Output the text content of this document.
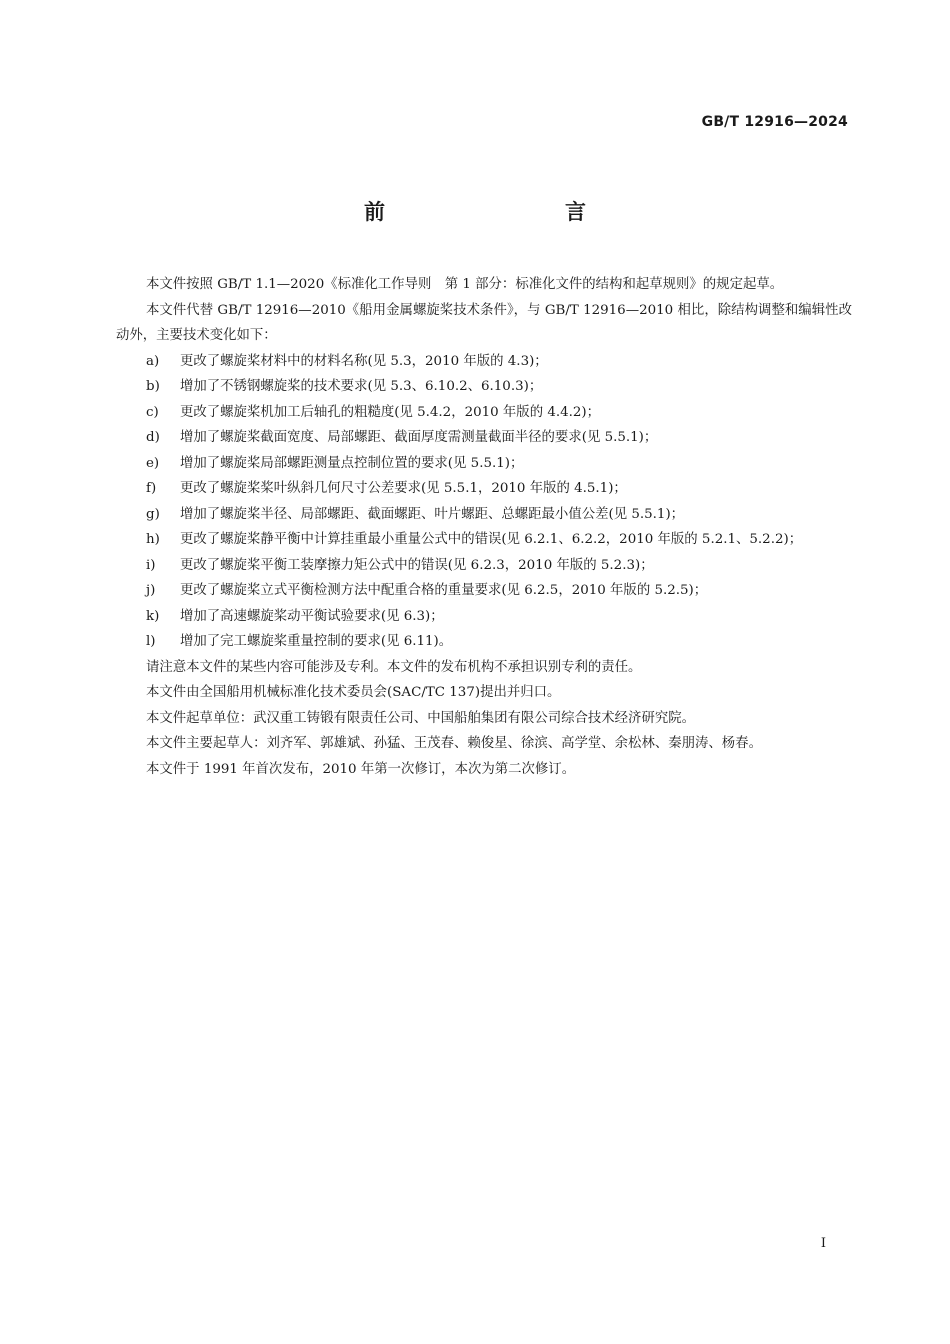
GB/T 12916—2024
前　　言

本文件按照 GB/T 1.1—2020《标准化工作导则　第 1 部分：标准化文件的结构和起草规则》的规定起草。

本文件代替 GB/T 12916—2010《船用金属螺旋桨技术条件》，与 GB/T 12916—2010 相比，除结构调整和编辑性改动外，主要技术变化如下：

a)	更改了螺旋桨材料中的材料名称(见 5.3，2010 年版的 4.3)；
b)	增加了不锈钢螺旋桨的技术要求(见 5.3、6.10.2、6.10.3)；
c)	更改了螺旋桨机加工后轴孔的粗糙度(见 5.4.2，2010 年版的 4.4.2)；
d)	增加了螺旋桨截面宽度、局部螺距、截面厚度需测量截面半径的要求(见 5.5.1)；
e)	增加了螺旋桨局部螺距测量点控制位置的要求(见 5.5.1)；
f)	更改了螺旋桨桨叶纵斜几何尺寸公差要求(见 5.5.1，2010 年版的 4.5.1)；
g)	增加了螺旋桨半径、局部螺距、截面螺距、叶片螺距、总螺距最小值公差(见 5.5.1)；
h)	更改了螺旋桨静平衡中计算挂重最小重量公式中的错误(见 6.2.1、6.2.2，2010 年版的 5.2.1、5.2.2)；
i)	更改了螺旋桨平衡工装摩擦力矩公式中的错误(见 6.2.3，2010 年版的 5.2.3)；
j)	更改了螺旋桨立式平衡检测方法中配重合格的重量要求(见 6.2.5，2010 年版的 5.2.5)；
k)	增加了高速螺旋桨动平衡试验要求(见 6.3)；
l)	增加了完工螺旋桨重量控制的要求(见 6.11)。

请注意本文件的某些内容可能涉及专利。本文件的发布机构不承担识别专利的责任。

本文件由全国船用机械标准化技术委员会(SAC/TC 137)提出并归口。

本文件起草单位：武汉重工铸锻有限责任公司、中国船舶集团有限公司综合技术经济研究院。

本文件主要起草人：刘齐军、郭雄斌、孙猛、王茂春、赖俊星、徐滨、高学堂、余松林、秦朋涛、杨春。

本文件于 1991 年首次发布，2010 年第一次修订，本次为第二次修订。

I
